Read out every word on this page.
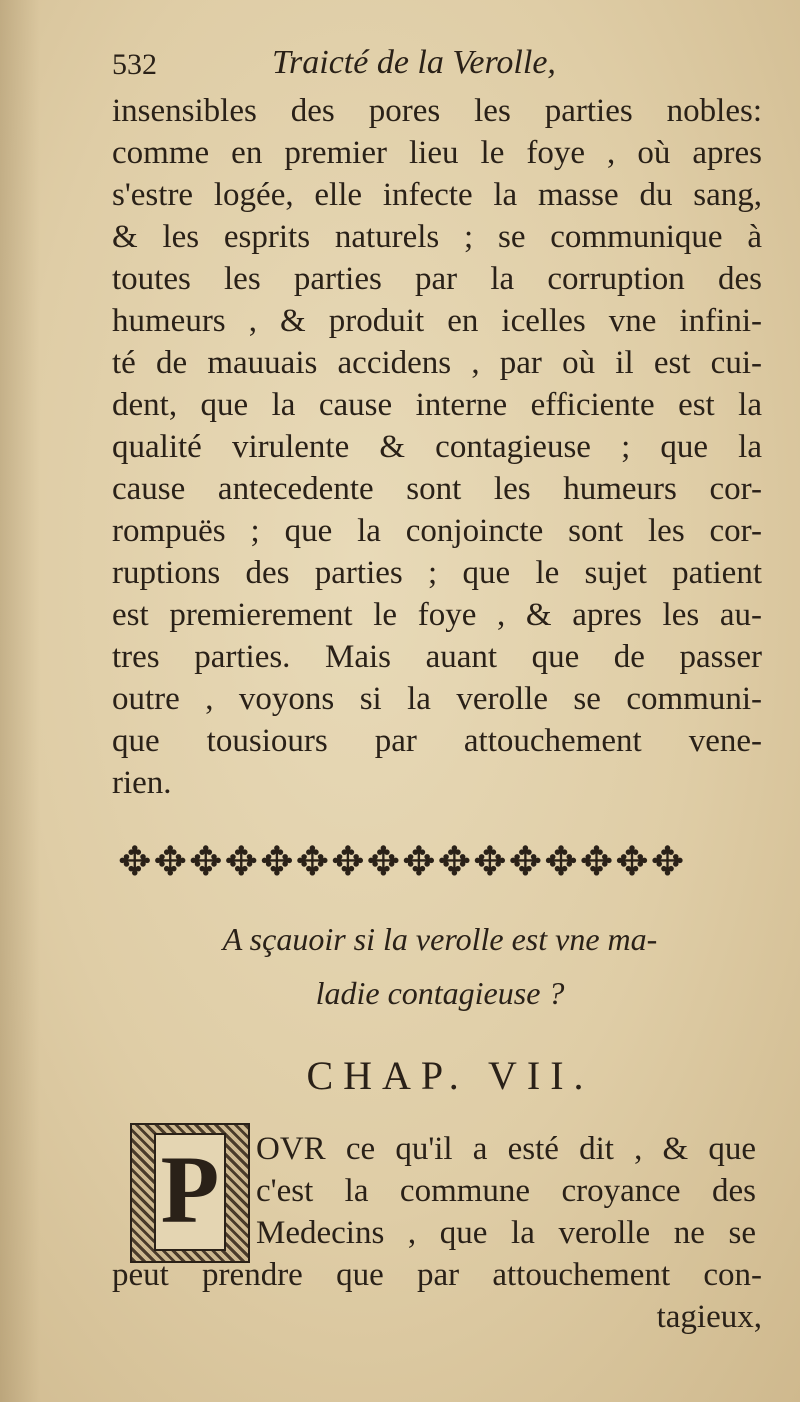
532	Traicté de la Verolle,
insensibles des pores les parties nobles:
comme en premier lieu le foye , où apres
s'estre logée, elle infecte la masse du sang,
& les esprits naturels ; se communique à
toutes les parties par la corruption des
humeurs , & produit en icelles vne infini-
té de mauuais accidens , par où il est cui-
dent, que la cause interne efficiente est la
qualité virulente & contagieuse ; que la
cause antecedente sont les humeurs cor-
rompuës ; que la conjoincte sont les cor-
ruptions des parties ; que le sujet patient
est premierement le foye , & apres les au-
tres parties. Mais auant que de passer
outre , voyons si la verolle se communi-
que tousiours par attouchement vene-
rien.
✥✥✥✥✥✥✥✥✥✥✥✥✥✥✥✥
A sçauoir si la verolle est vne ma-
ladie contagieuse ?
CHAP. VII.
P OVR ce qu'il a esté dit , & que
c'est la commune croyance des
Medecins , que la verolle ne se
peut prendre que par attouchement con-
tagieux,
